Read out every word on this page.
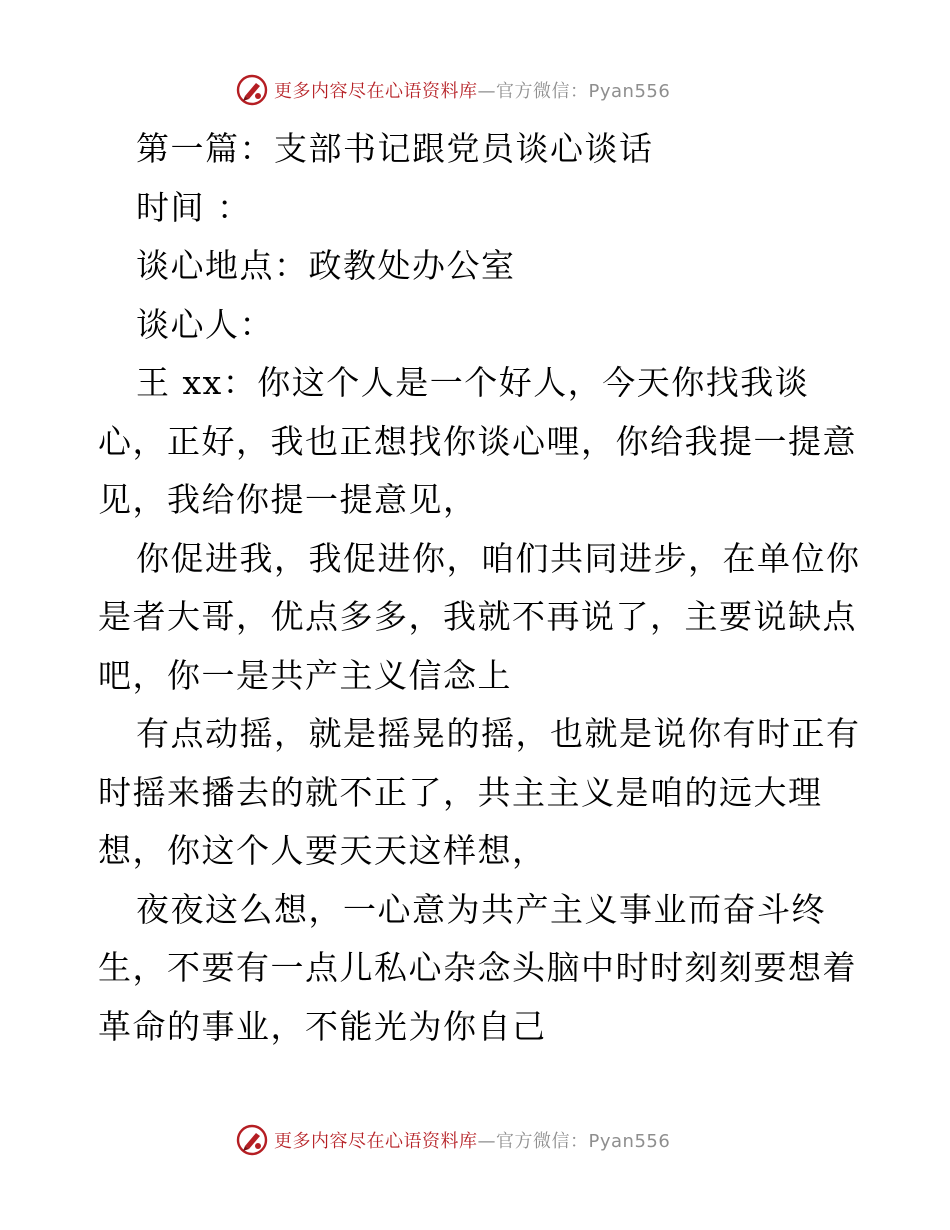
更多内容尽在心语资料库 —官方微信：Pyan556
第一篇：支部书记跟党员谈心谈话
时间 ：
谈心地点：政教处办公室
谈心人：
王 xx：你这个人是一个好人，今天你找我谈
心，正好，我也正想找你谈心哩，你给我提一提意
见，我给你提一提意见，
你促进我，我促进你，咱们共同进步，在单位你
是者大哥，优点多多，我就不再说了，主要说缺点
吧，你一是共产主义信念上
有点动摇，就是摇晃的摇，也就是说你有时正有
时摇来播去的就不正了，共主主义是咱的远大理
想，你这个人要天天这样想，
夜夜这么想，一心意为共产主义事业而奋斗终
生，不要有一点儿私心杂念头脑中时时刻刻要想着
革命的事业，不能光为你自己
更多内容尽在心语资料库 —官方微信：Pyan556
